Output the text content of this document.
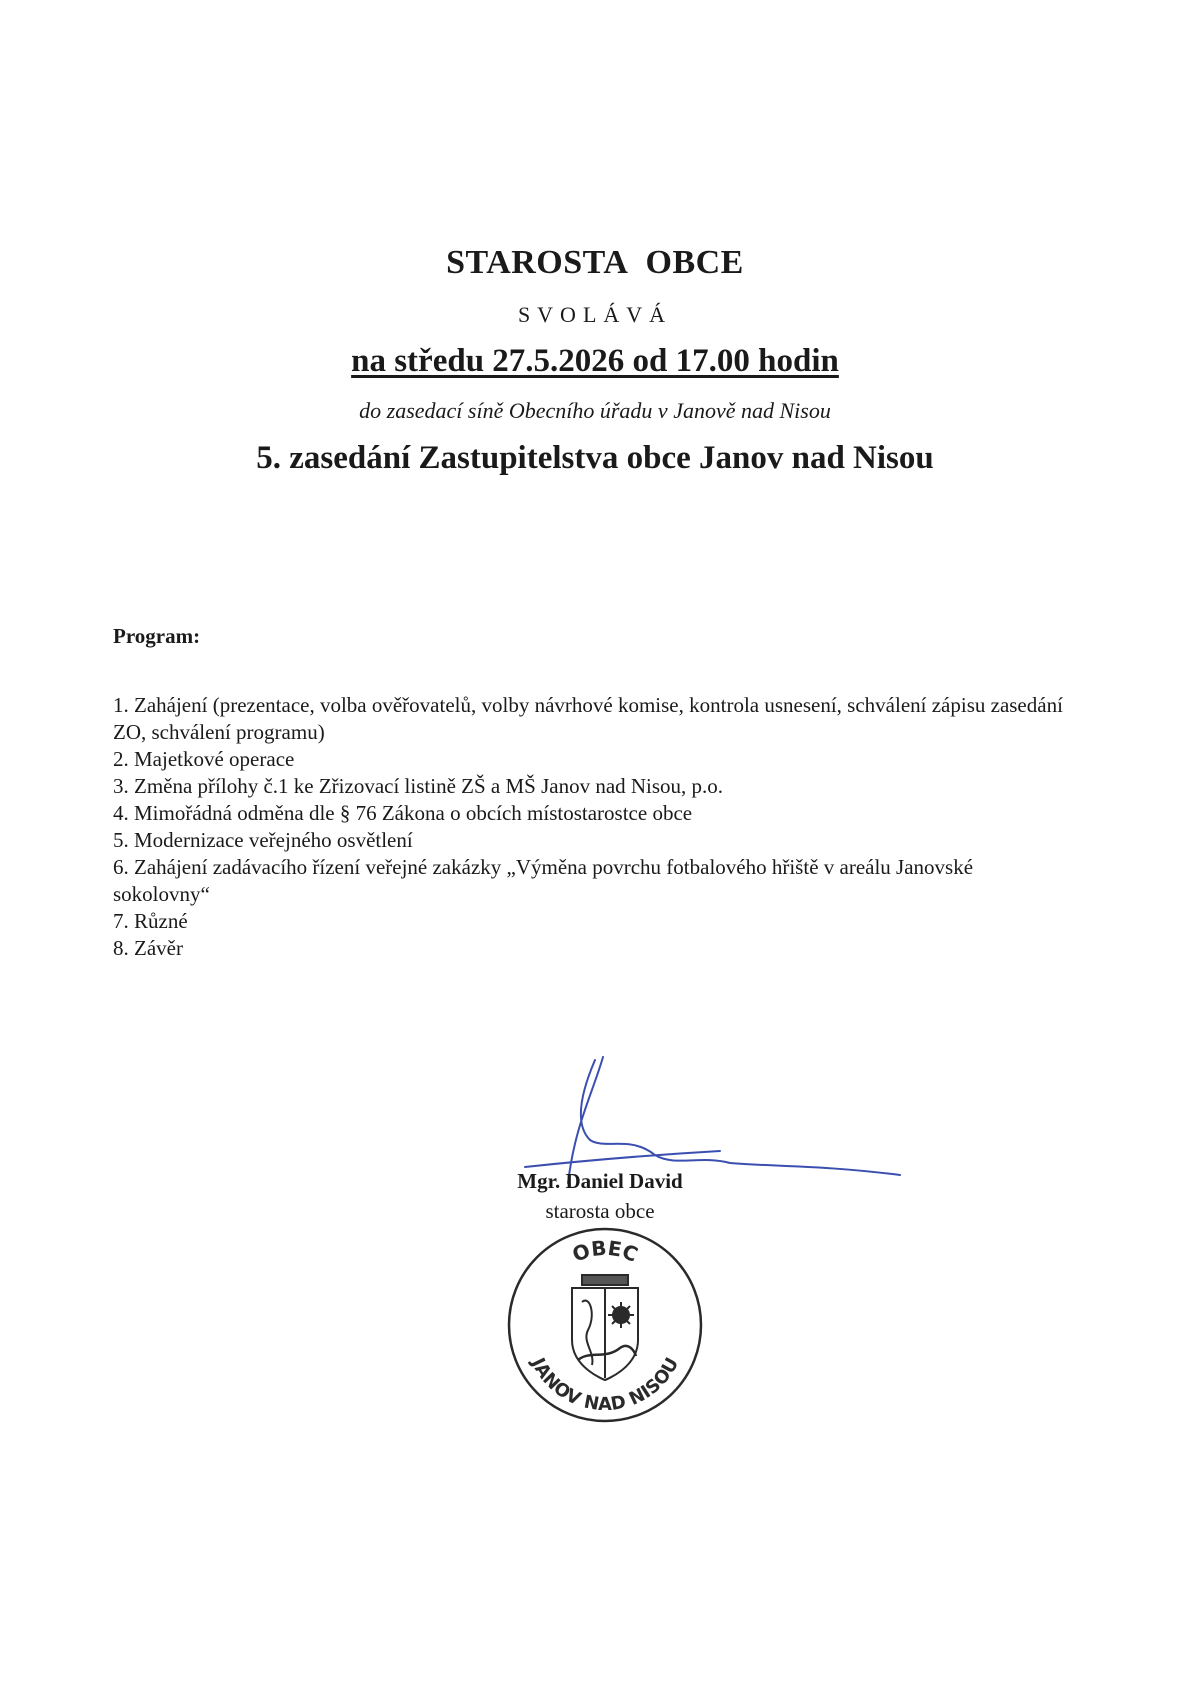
STAROSTA OBCE
SVOLÁVÁ
na středu 27.5.2026 od 17.00 hodin
do zasedací síně Obecního úřadu v Janově nad Nisou
5. zasedání Zastupitelstva obce Janov nad Nisou
Program:
1. Zahájení (prezentace, volba ověřovatelů, volby návrhové komise, kontrola usnesení, schválení zápisu zasedání ZO, schválení programu)
2. Majetkové operace
3. Změna přílohy č.1 ke Zřizovací listině ZŠ a MŠ Janov nad Nisou, p.o.
4. Mimořádná odměna dle § 76 Zákona o obcích místostarostce obce
5. Modernizace veřejného osvětlení
6. Zahájení zadávacího řízení veřejné zakázky „Výměna povrchu fotbalového hřiště v areálu Janovské sokolovny“
7. Různé
8. Závěr
Mgr. Daniel David
starosta obce
OBEC
JANOV NAD NISOU
